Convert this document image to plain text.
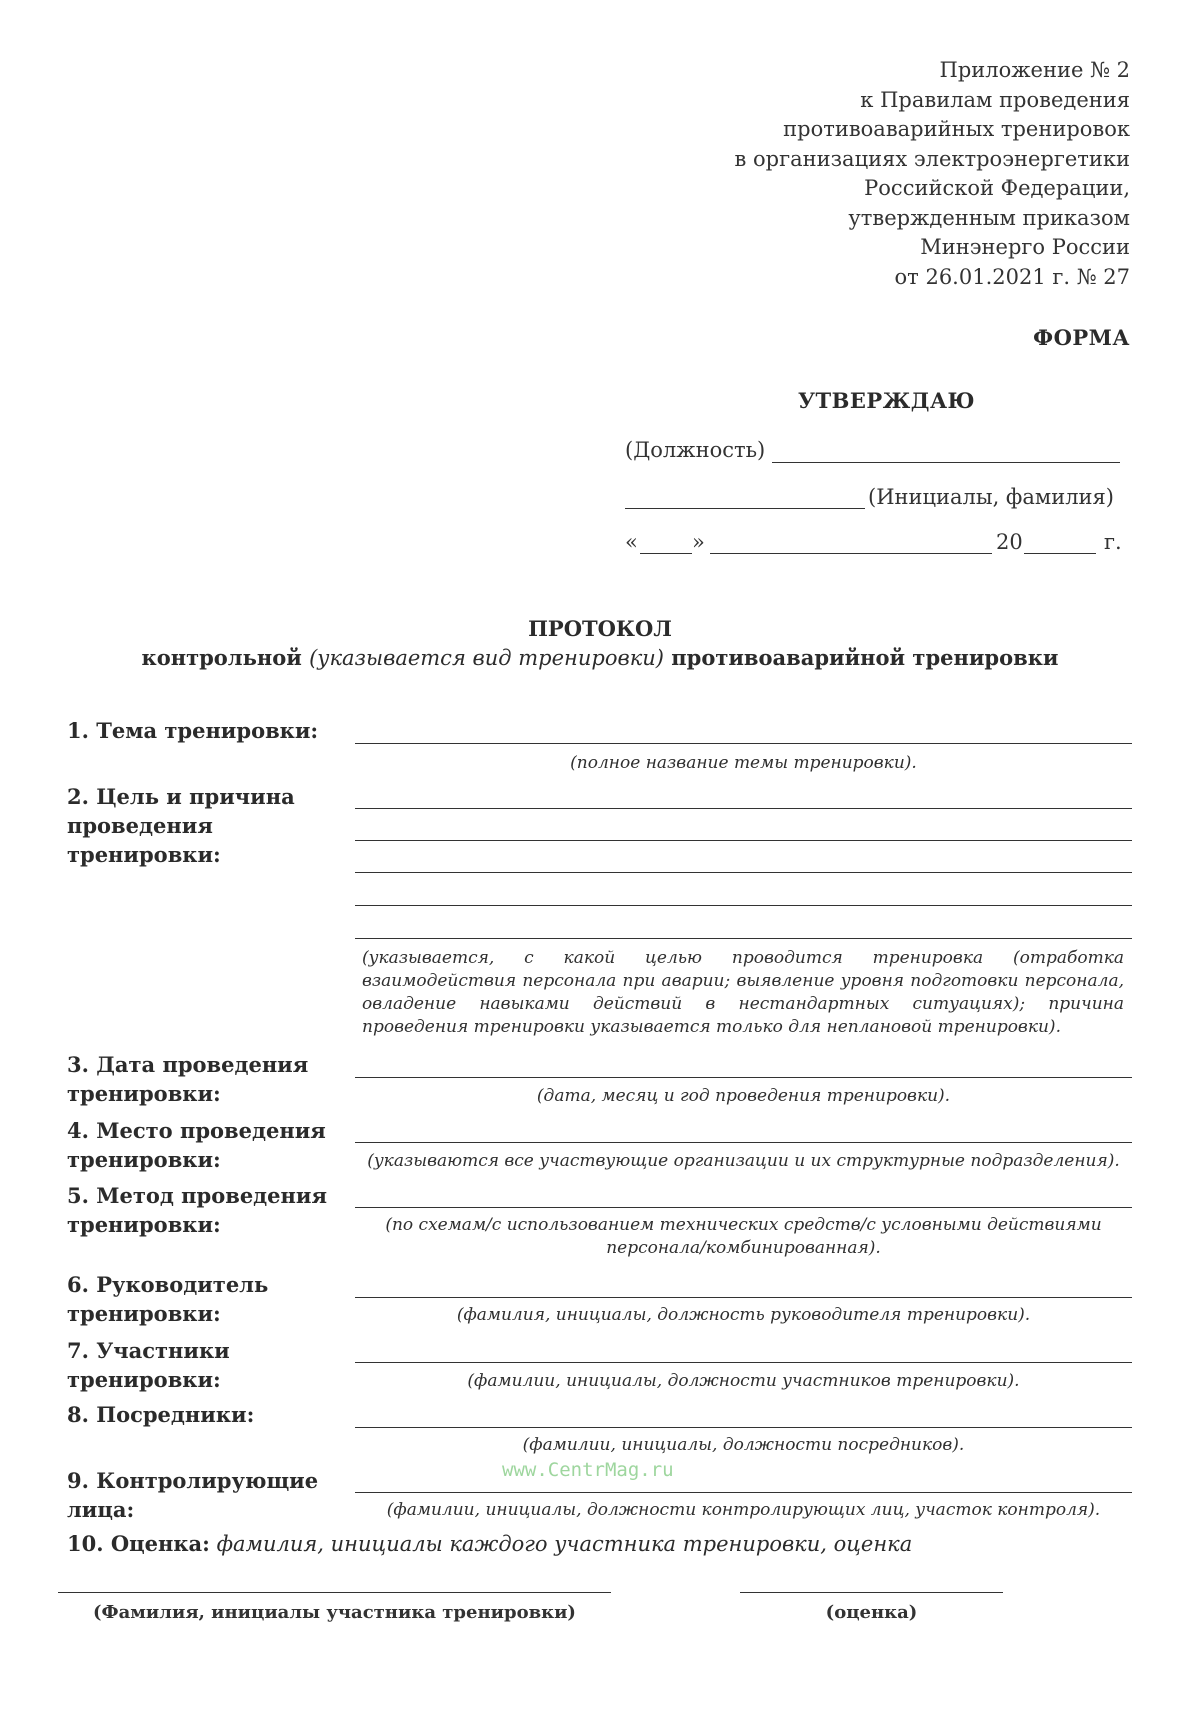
Приложение № 2
к Правилам проведения
противоаварийных тренировок
в организациях электроэнергетики
Российской Федерации,
утвержденным приказом
Минэнерго России
от 26.01.2021 г. № 27
ФОРМА
УТВЕРЖДАЮ
(Должность)
(Инициалы, фамилия)
«	»	20	г.
ПРОТОКОЛ
контрольной (указывается вид тренировки) противоаварийной тренировки
1. Тема тренировки:
(полное название темы тренировки).
2. Цель и причина
проведения
тренировки:
(указывается, с какой целью проводится тренировка (отработка взаимодействия персонала при аварии; выявление уровня подготовки персонала, овладение навыками действий в нестандартных ситуациях); причина проведения тренировки указывается только для неплановой тренировки).
3. Дата проведения
тренировки:	(дата, месяц и год проведения тренировки).
4. Место проведения
тренировки:	(указываются все участвующие организации и их структурные подразделения).
5. Метод проведения
тренировки:	(по схемам/с использованием технических средств/с условными действиями персонала/комбинированная).
6. Руководитель
тренировки:	(фамилия, инициалы, должность руководителя тренировки).
7. Участники
тренировки:	(фамилии, инициалы, должности участников тренировки).
8. Посредники:
(фамилии, инициалы, должности посредников).
9. Контролирующие
лица:	(фамилии, инициалы, должности контролирующих лиц, участок контроля).
www.CentrMag.ru
10. Оценка: фамилия, инициалы каждого участника тренировки, оценка
(Фамилия, инициалы участника тренировки)	(оценка)
